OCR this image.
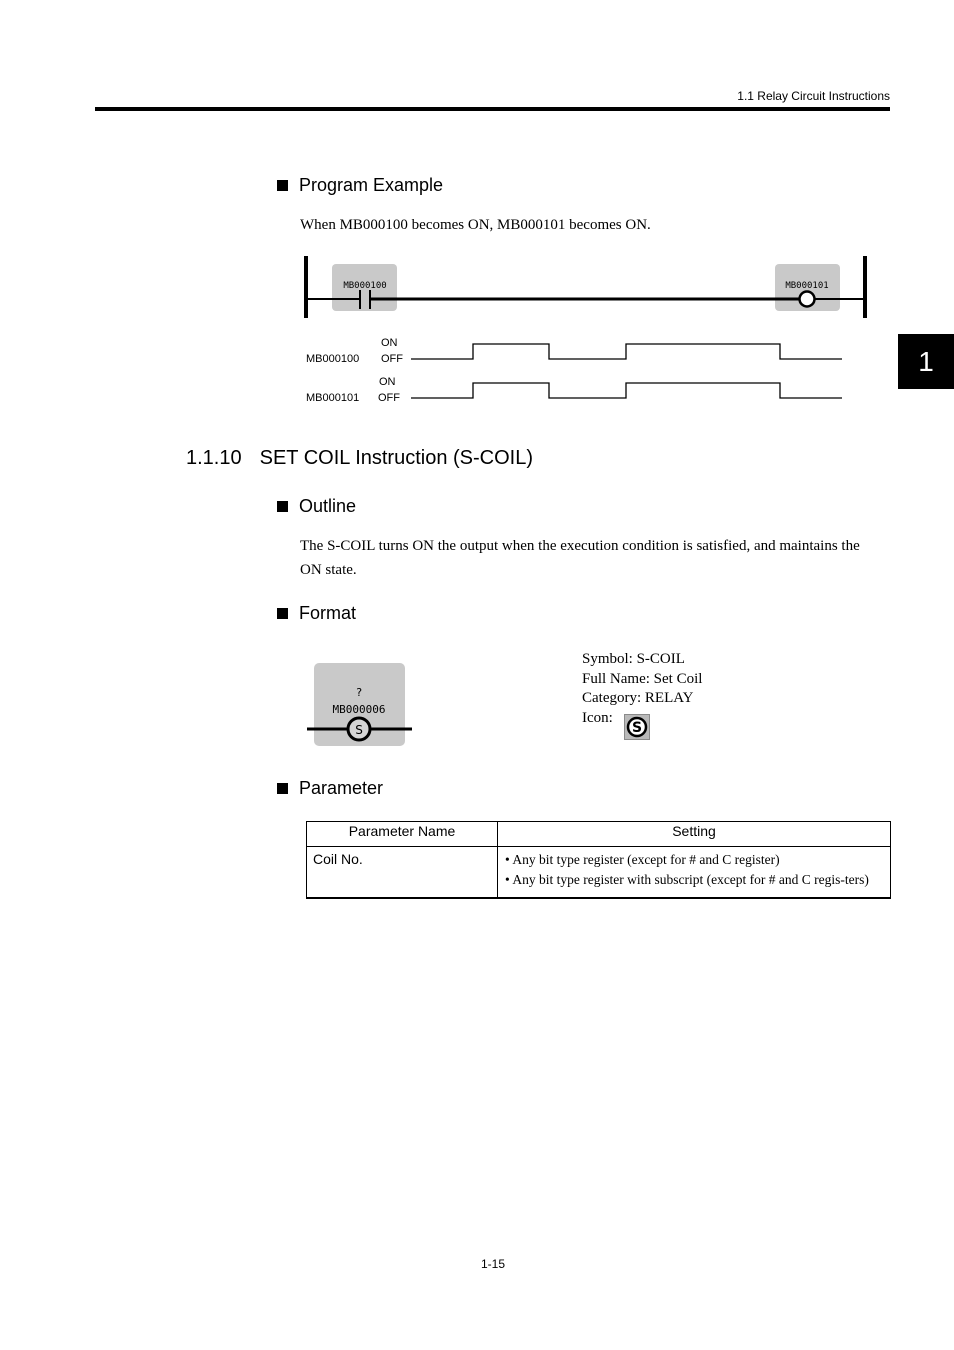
1.1 Relay Circuit Instructions
1
Program Example
When MB000100 becomes ON, MB000101 becomes ON.
MB000100	MB000101
ON
MB000100 OFF
ON
MB000101 OFF
1.1.10 SET COIL Instruction (S-COIL)
Outline
The S-COIL turns ON the output when the execution condition is satisfied, and maintains the ON state.
Format
?
MB000006
S
Symbol: S-COIL
Full Name: Set Coil
Category: RELAY
Icon:
S
Parameter
Parameter Name	Setting
Coil No.	• Any bit type register (except for # and C register)
• Any bit type register with subscript (except for # and C regis-ters)
1-15
